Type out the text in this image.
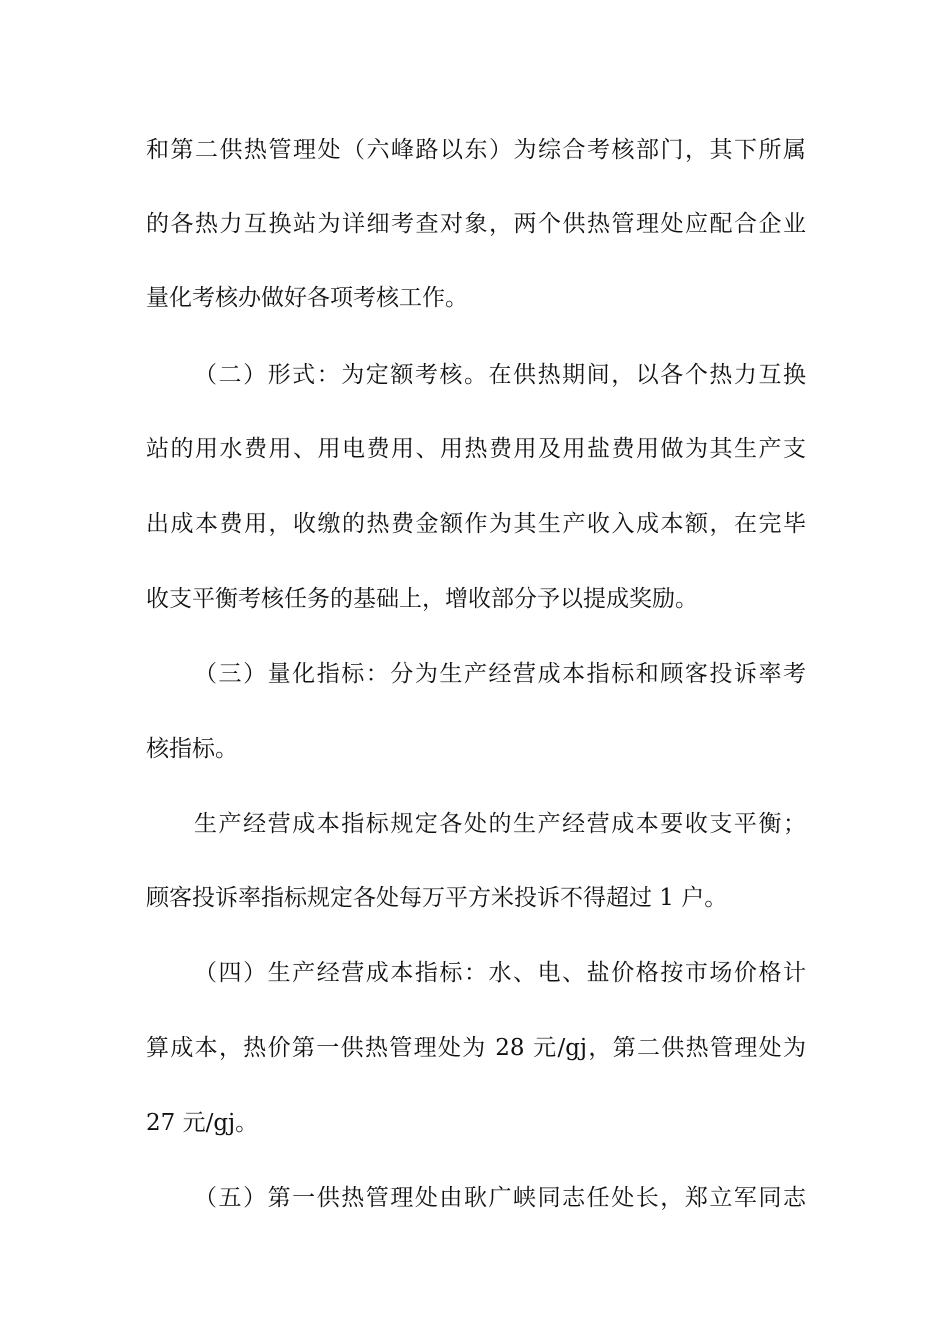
和第二供热管理处（六峰路以东）为综合考核部门，其下所属
的各热力互换站为详细考查对象，两个供热管理处应配合企业
量化考核办做好各项考核工作。
（二）形式：为定额考核。在供热期间，以各个热力互换
站的用水费用、用电费用、用热费用及用盐费用做为其生产支
出成本费用，收缴的热费金额作为其生产收入成本额，在完毕
收支平衡考核任务的基础上，增收部分予以提成奖励。
（三）量化指标：分为生产经营成本指标和顾客投诉率考
核指标。
生产经营成本指标规定各处的生产经营成本要收支平衡；
顾客投诉率指标规定各处每万平方米投诉不得超过 1 户。
（四）生产经营成本指标：水、电、盐价格按市场价格计
算成本，热价第一供热管理处为 28 元/gj，第二供热管理处为
27 元/gj。
（五）第一供热管理处由耿广峡同志任处长，郑立军同志
